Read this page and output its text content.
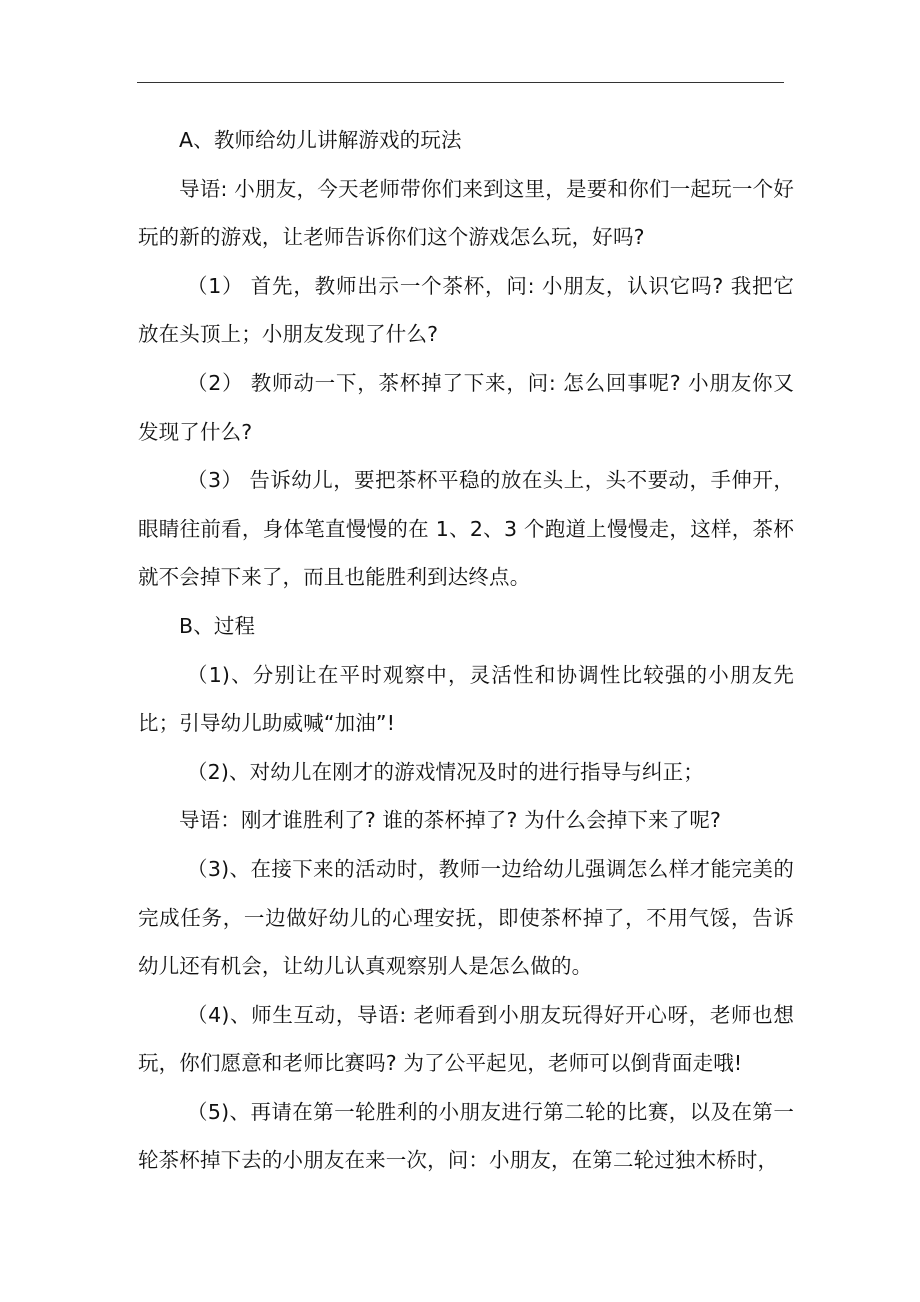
A、教师给幼儿讲解游戏的玩法

导语: 小朋友，今天老师带你们来到这里，是要和你们一起玩一个好玩的新的游戏，让老师告诉你们这个游戏怎么玩，好吗?

（1） 首先，教师出示一个茶杯，问: 小朋友，认识它吗? 我把它放在头顶上；小朋友发现了什么?

（2） 教师动一下，茶杯掉了下来，问: 怎么回事呢? 小朋友你又发现了什么?

（3） 告诉幼儿，要把茶杯平稳的放在头上，头不要动，手伸开，眼睛往前看，身体笔直慢慢的在 1、2、3 个跑道上慢慢走，这样，茶杯就不会掉下来了，而且也能胜利到达终点。

B、过程

（1)、分别让在平时观察中，灵活性和协调性比较强的小朋友先比；引导幼儿助威喊“加油”!

（2)、对幼儿在刚才的游戏情况及时的进行指导与纠正；

导语：刚才谁胜利了? 谁的茶杯掉了? 为什么会掉下来了呢?

（3)、在接下来的活动时，教师一边给幼儿强调怎么样才能完美的完成任务，一边做好幼儿的心理安抚，即使茶杯掉了，不用气馁，告诉幼儿还有机会，让幼儿认真观察别人是怎么做的。

（4)、师生互动，导语: 老师看到小朋友玩得好开心呀，老师也想玩，你们愿意和老师比赛吗? 为了公平起见，老师可以倒背面走哦!

（5)、再请在第一轮胜利的小朋友进行第二轮的比赛，以及在第一轮茶杯掉下去的小朋友在来一次，问：小朋友，在第二轮过独木桥时，
